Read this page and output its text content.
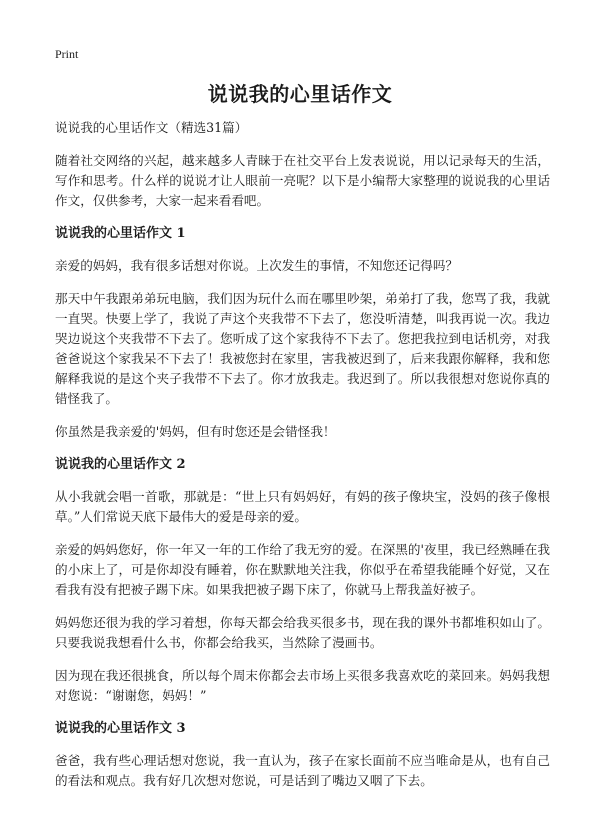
Print
说说我的心里话作文

说说我的心里话作文（精选31篇）

随着社交网络的兴起，越来越多人青睐于在社交平台上发表说说，用以记录每天的生活，写作和思考。什么样的说说才让人眼前一亮呢？以下是小编帮大家整理的说说我的心里话作文，仅供参考，大家一起来看看吧。

说说我的心里话作文 1

亲爱的妈妈，我有很多话想对你说。上次发生的事情，不知您还记得吗？

那天中午我跟弟弟玩电脑，我们因为玩什么而在哪里吵架，弟弟打了我，您骂了我，我就一直哭。快要上学了，我说了声这个夹我带不下去了，您没听清楚，叫我再说一次。我边哭边说这个夹我带不下去了。您听成了这个家我待不下去了。您把我拉到电话机旁，对我爸爸说这个家我呆不下去了！我被您封在家里，害我被迟到了，后来我跟你解释，我和您解释我说的是这个夹子我带不下去了。你才放我走。我迟到了。所以我很想对您说你真的错怪我了。

你虽然是我亲爱的'妈妈，但有时您还是会错怪我！

说说我的心里话作文 2

从小我就会唱一首歌，那就是：“世上只有妈妈好，有妈的孩子像块宝，没妈的孩子像根草。”人们常说天底下最伟大的爱是母亲的爱。

亲爱的妈妈您好，你一年又一年的工作给了我无穷的爱。在深黑的'夜里，我已经熟睡在我的小床上了，可是你却没有睡着，你在默默地关注我，你似乎在希望我能睡个好觉，又在看我有没有把被子踢下床。如果我把被子踢下床了，你就马上帮我盖好被子。

妈妈您还很为我的学习着想，你每天都会给我买很多书，现在我的课外书都堆积如山了。只要我说我想看什么书，你都会给我买，当然除了漫画书。

因为现在我还很挑食，所以每个周末你都会去市场上买很多我喜欢吃的菜回来。妈妈我想对您说：“谢谢您，妈妈！”

说说我的心里话作文 3

爸爸，我有些心理话想对您说，我一直认为，孩子在家长面前不应当唯命是从，也有自己的看法和观点。我有好几次想对您说，可是话到了嘴边又咽了下去。
